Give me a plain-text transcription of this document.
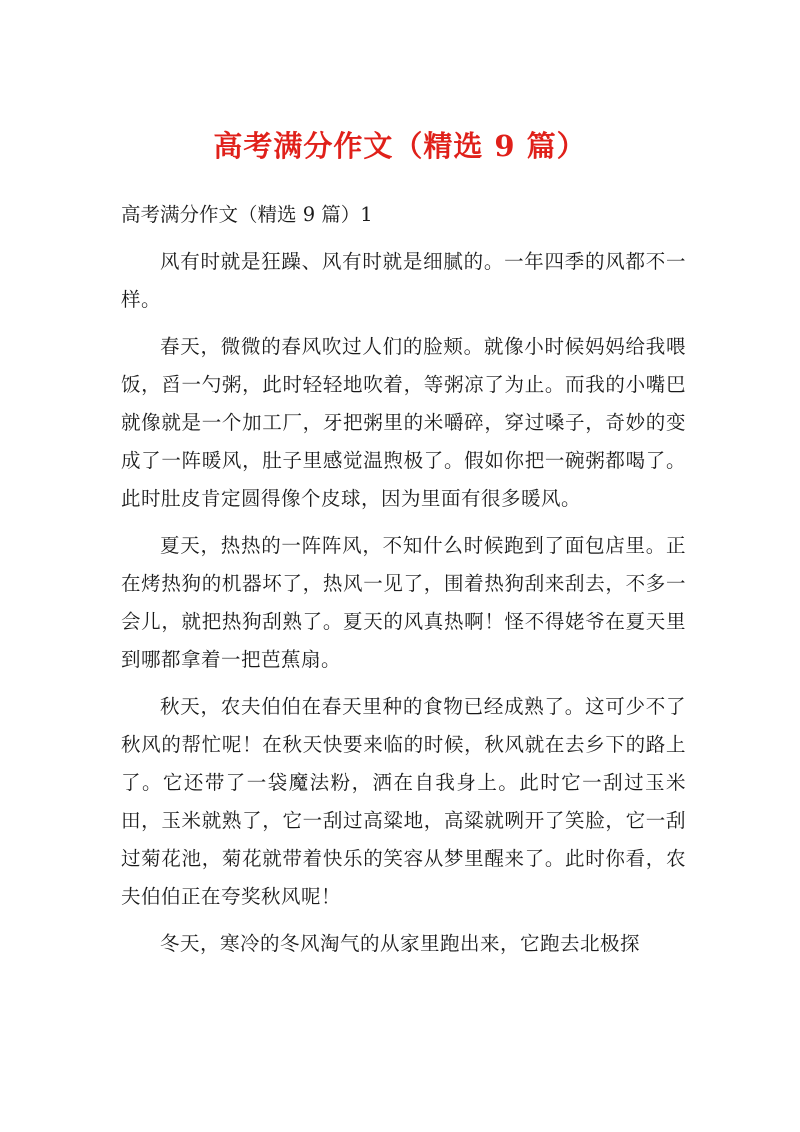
高考满分作文（精选 9 篇）

高考满分作文（精选 9 篇）1

风有时就是狂躁、风有时就是细腻的。一年四季的风都不一样。

春天，微微的春风吹过人们的脸颊。就像小时候妈妈给我喂饭，舀一勺粥，此时轻轻地吹着，等粥凉了为止。而我的小嘴巴就像就是一个加工厂，牙把粥里的米嚼碎，穿过嗓子，奇妙的变成了一阵暖风，肚子里感觉温煦极了。假如你把一碗粥都喝了。此时肚皮肯定圆得像个皮球，因为里面有很多暖风。

夏天，热热的一阵阵风，不知什么时候跑到了面包店里。正在烤热狗的机器坏了，热风一见了，围着热狗刮来刮去，不多一会儿，就把热狗刮熟了。夏天的风真热啊！怪不得姥爷在夏天里到哪都拿着一把芭蕉扇。

秋天，农夫伯伯在春天里种的食物已经成熟了。这可少不了秋风的帮忙呢！在秋天快要来临的时候，秋风就在去乡下的路上了。它还带了一袋魔法粉，洒在自我身上。此时它一刮过玉米田，玉米就熟了，它一刮过高粱地，高粱就咧开了笑脸，它一刮过菊花池，菊花就带着快乐的笑容从梦里醒来了。此时你看，农夫伯伯正在夸奖秋风呢！

冬天，寒冷的冬风淘气的从家里跑出来，它跑去北极探
